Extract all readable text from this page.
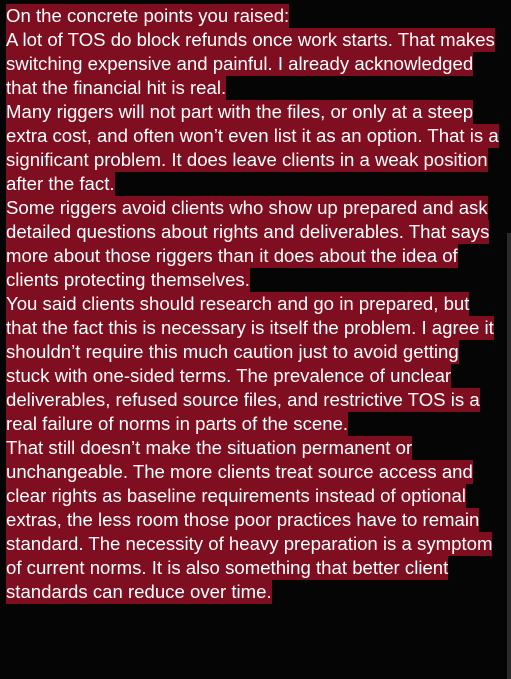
On the concrete points you raised:
A lot of TOS do block refunds once work starts. That makes switching expensive and painful. I already acknowledged that the financial hit is real.
Many riggers will not part with the files, or only at a steep extra cost, and often won’t even list it as an option. That is a significant problem. It does leave clients in a weak position after the fact.
Some riggers avoid clients who show up prepared and ask detailed questions about rights and deliverables. That says more about those riggers than it does about the idea of clients protecting themselves.
You said clients should research and go in prepared, but that the fact this is necessary is itself the problem. I agree it shouldn’t require this much caution just to avoid getting stuck with one-sided terms. The prevalence of unclear deliverables, refused source files, and restrictive TOS is a real failure of norms in parts of the scene.
That still doesn’t make the situation permanent or unchangeable. The more clients treat source access and clear rights as baseline requirements instead of optional extras, the less room those poor practices have to remain standard. The necessity of heavy preparation is a symptom of current norms. It is also something that better client standards can reduce over time.
